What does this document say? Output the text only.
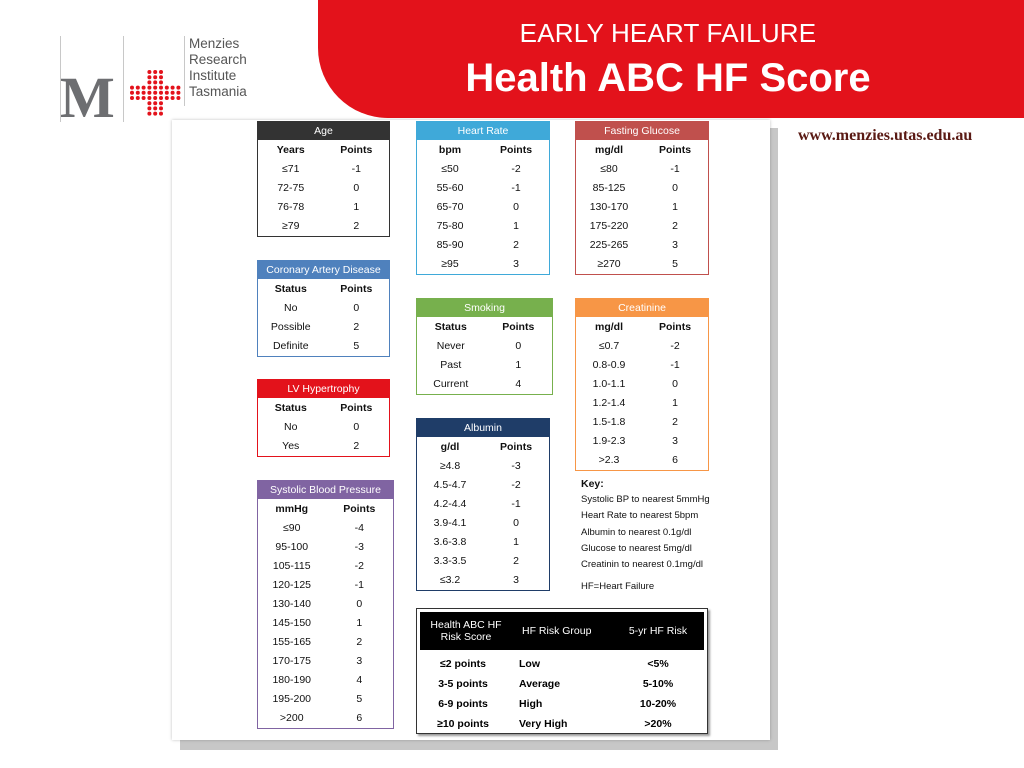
M
Menzies
Research
Institute
Tasmania
EARLY HEART FAILURE
Health ABC HF Score
www.menzies.utas.edu.au
Age
Years	Points
≤71	-1
72-75	0
76-78	1
≥79	2
Heart Rate
bpm	Points
≤50	-2
55-60	-1
65-70	0
75-80	1
85-90	2
≥95	3
Fasting Glucose
mg/dl	Points
≤80	-1
85-125	0
130-170	1
175-220	2
225-265	3
≥270	5
Coronary Artery Disease
Status	Points
No	0
Possible	2
Definite	5
Smoking
Status	Points
Never	0
Past	1
Current	4
Creatinine
mg/dl	Points
≤0.7	-2
0.8-0.9	-1
1.0-1.1	0
1.2-1.4	1
1.5-1.8	2
1.9-2.3	3
>2.3	6
LV Hypertrophy
Status	Points
No	0
Yes	2
Albumin
g/dl	Points
≥4.8	-3
4.5-4.7	-2
4.2-4.4	-1
3.9-4.1	0
3.6-3.8	1
3.3-3.5	2
≤3.2	3
Systolic Blood Pressure
mmHg	Points
≤90	-4
95-100	-3
105-115	-2
120-125	-1
130-140	0
145-150	1
155-165	2
170-175	3
180-190	4
195-200	5
>200	6
Key:
Systolic BP to nearest 5mmHg
Heart Rate to nearest 5bpm
Albumin to nearest 0.1g/dl
Glucose to nearest 5mg/dl
Creatinin to nearest 0.1mg/dl
HF=Heart Failure
Health ABC HF Risk Score	HF Risk Group	5-yr HF Risk
≤2 points	Low	<5%
3-5 points	Average	5-10%
6-9 points	High	10-20%
≥10 points	Very High	>20%
